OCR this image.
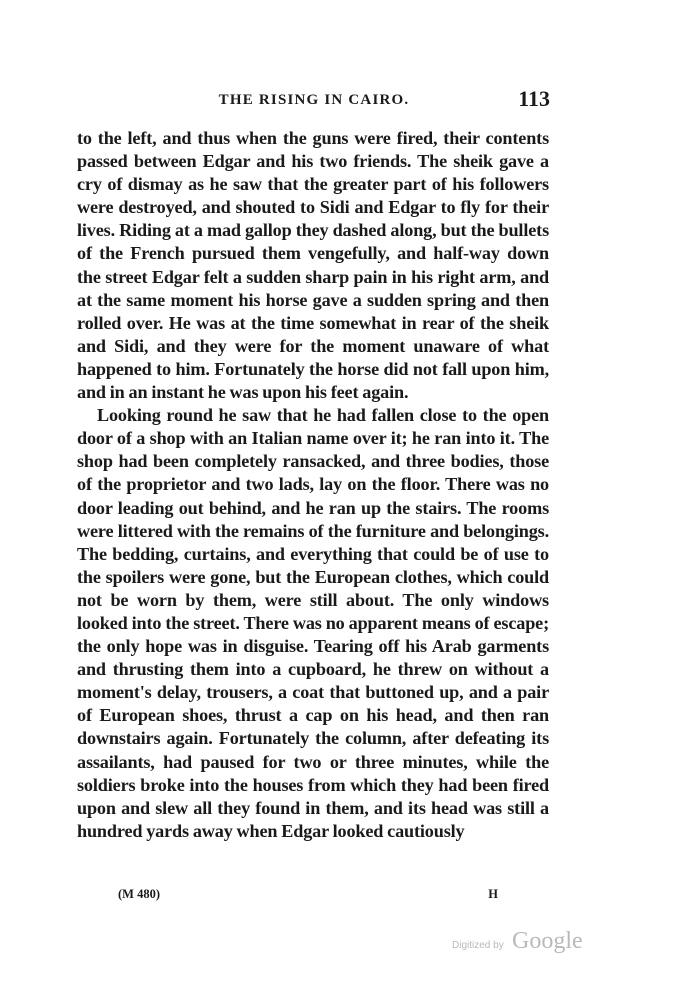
THE RISING IN CAIRO.	113

to the left, and thus when the guns were fired, their contents passed between Edgar and his two friends. The sheik gave a cry of dismay as he saw that the greater part of his followers were destroyed, and shouted to Sidi and Edgar to fly for their lives. Riding at a mad gallop they dashed along, but the bullets of the French pursued them vengefully, and half-way down the street Edgar felt a sudden sharp pain in his right arm, and at the same moment his horse gave a sudden spring and then rolled over. He was at the time somewhat in rear of the sheik and Sidi, and they were for the moment unaware of what happened to him. Fortunately the horse did not fall upon him, and in an instant he was upon his feet again.

Looking round he saw that he had fallen close to the open door of a shop with an Italian name over it; he ran into it. The shop had been completely ransacked, and three bodies, those of the proprietor and two lads, lay on the floor. There was no door leading out behind, and he ran up the stairs. The rooms were littered with the remains of the furniture and belongings. The bedding, curtains, and everything that could be of use to the spoilers were gone, but the European clothes, which could not be worn by them, were still about. The only windows looked into the street. There was no apparent means of escape; the only hope was in disguise. Tearing off his Arab garments and thrusting them into a cupboard, he threw on without a moment's delay, trousers, a coat that buttoned up, and a pair of European shoes, thrust a cap on his head, and then ran downstairs again. Fortunately the column, after defeating its assailants, had paused for two or three minutes, while the soldiers broke into the houses from which they had been fired upon and slew all they found in them, and its head was still a hundred yards away when Edgar looked cautiously

(M 480)	H
Digitized by Google
